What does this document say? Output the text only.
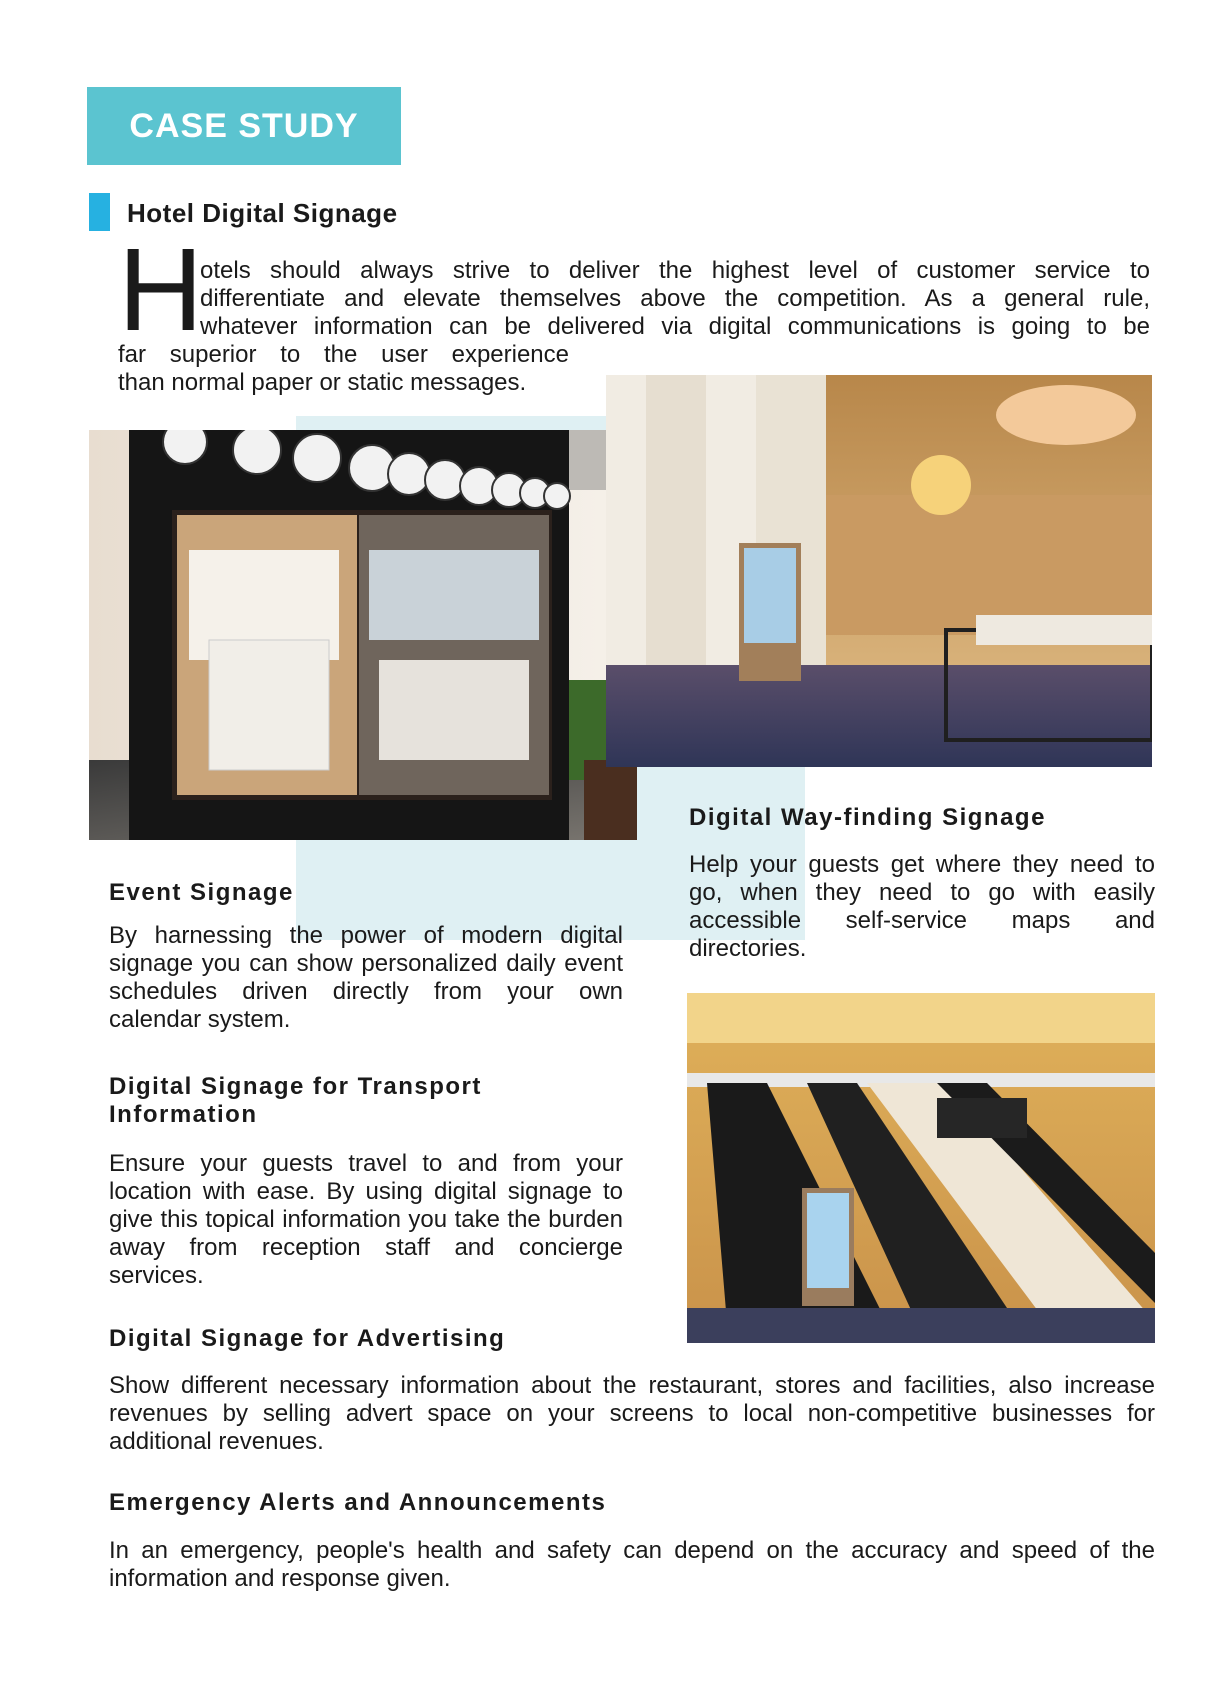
CASE STUDY
Hotel Digital Signage
H
otels should always strive to deliver the highest level of customer service to
differentiate and elevate themselves above the competition. As a general rule,
whatever information can be delivered via digital communications is going to be
far superior to the user experience
than normal paper or static messages.
Event Signage
By harnessing the power of modern digital signage you can show personalized daily event schedules driven directly from your own calendar system.
Digital Way-finding Signage
Help your guests get where they need to go, when they need to go with easily accessible self-service maps and directories.
Digital Signage for Transport
Information
Ensure your guests travel to and from your location with ease. By using digital signage to give this topical information you take the burden away from reception staff and concierge services.
Digital Signage for Advertising
Show different necessary information about the restaurant, stores and facilities, also increase revenues by selling advert space on your screens to local non-competitive businesses for additional revenues.
Emergency Alerts and Announcements
In an emergency, people's health and safety can depend on the accuracy and speed of the information and response given.
